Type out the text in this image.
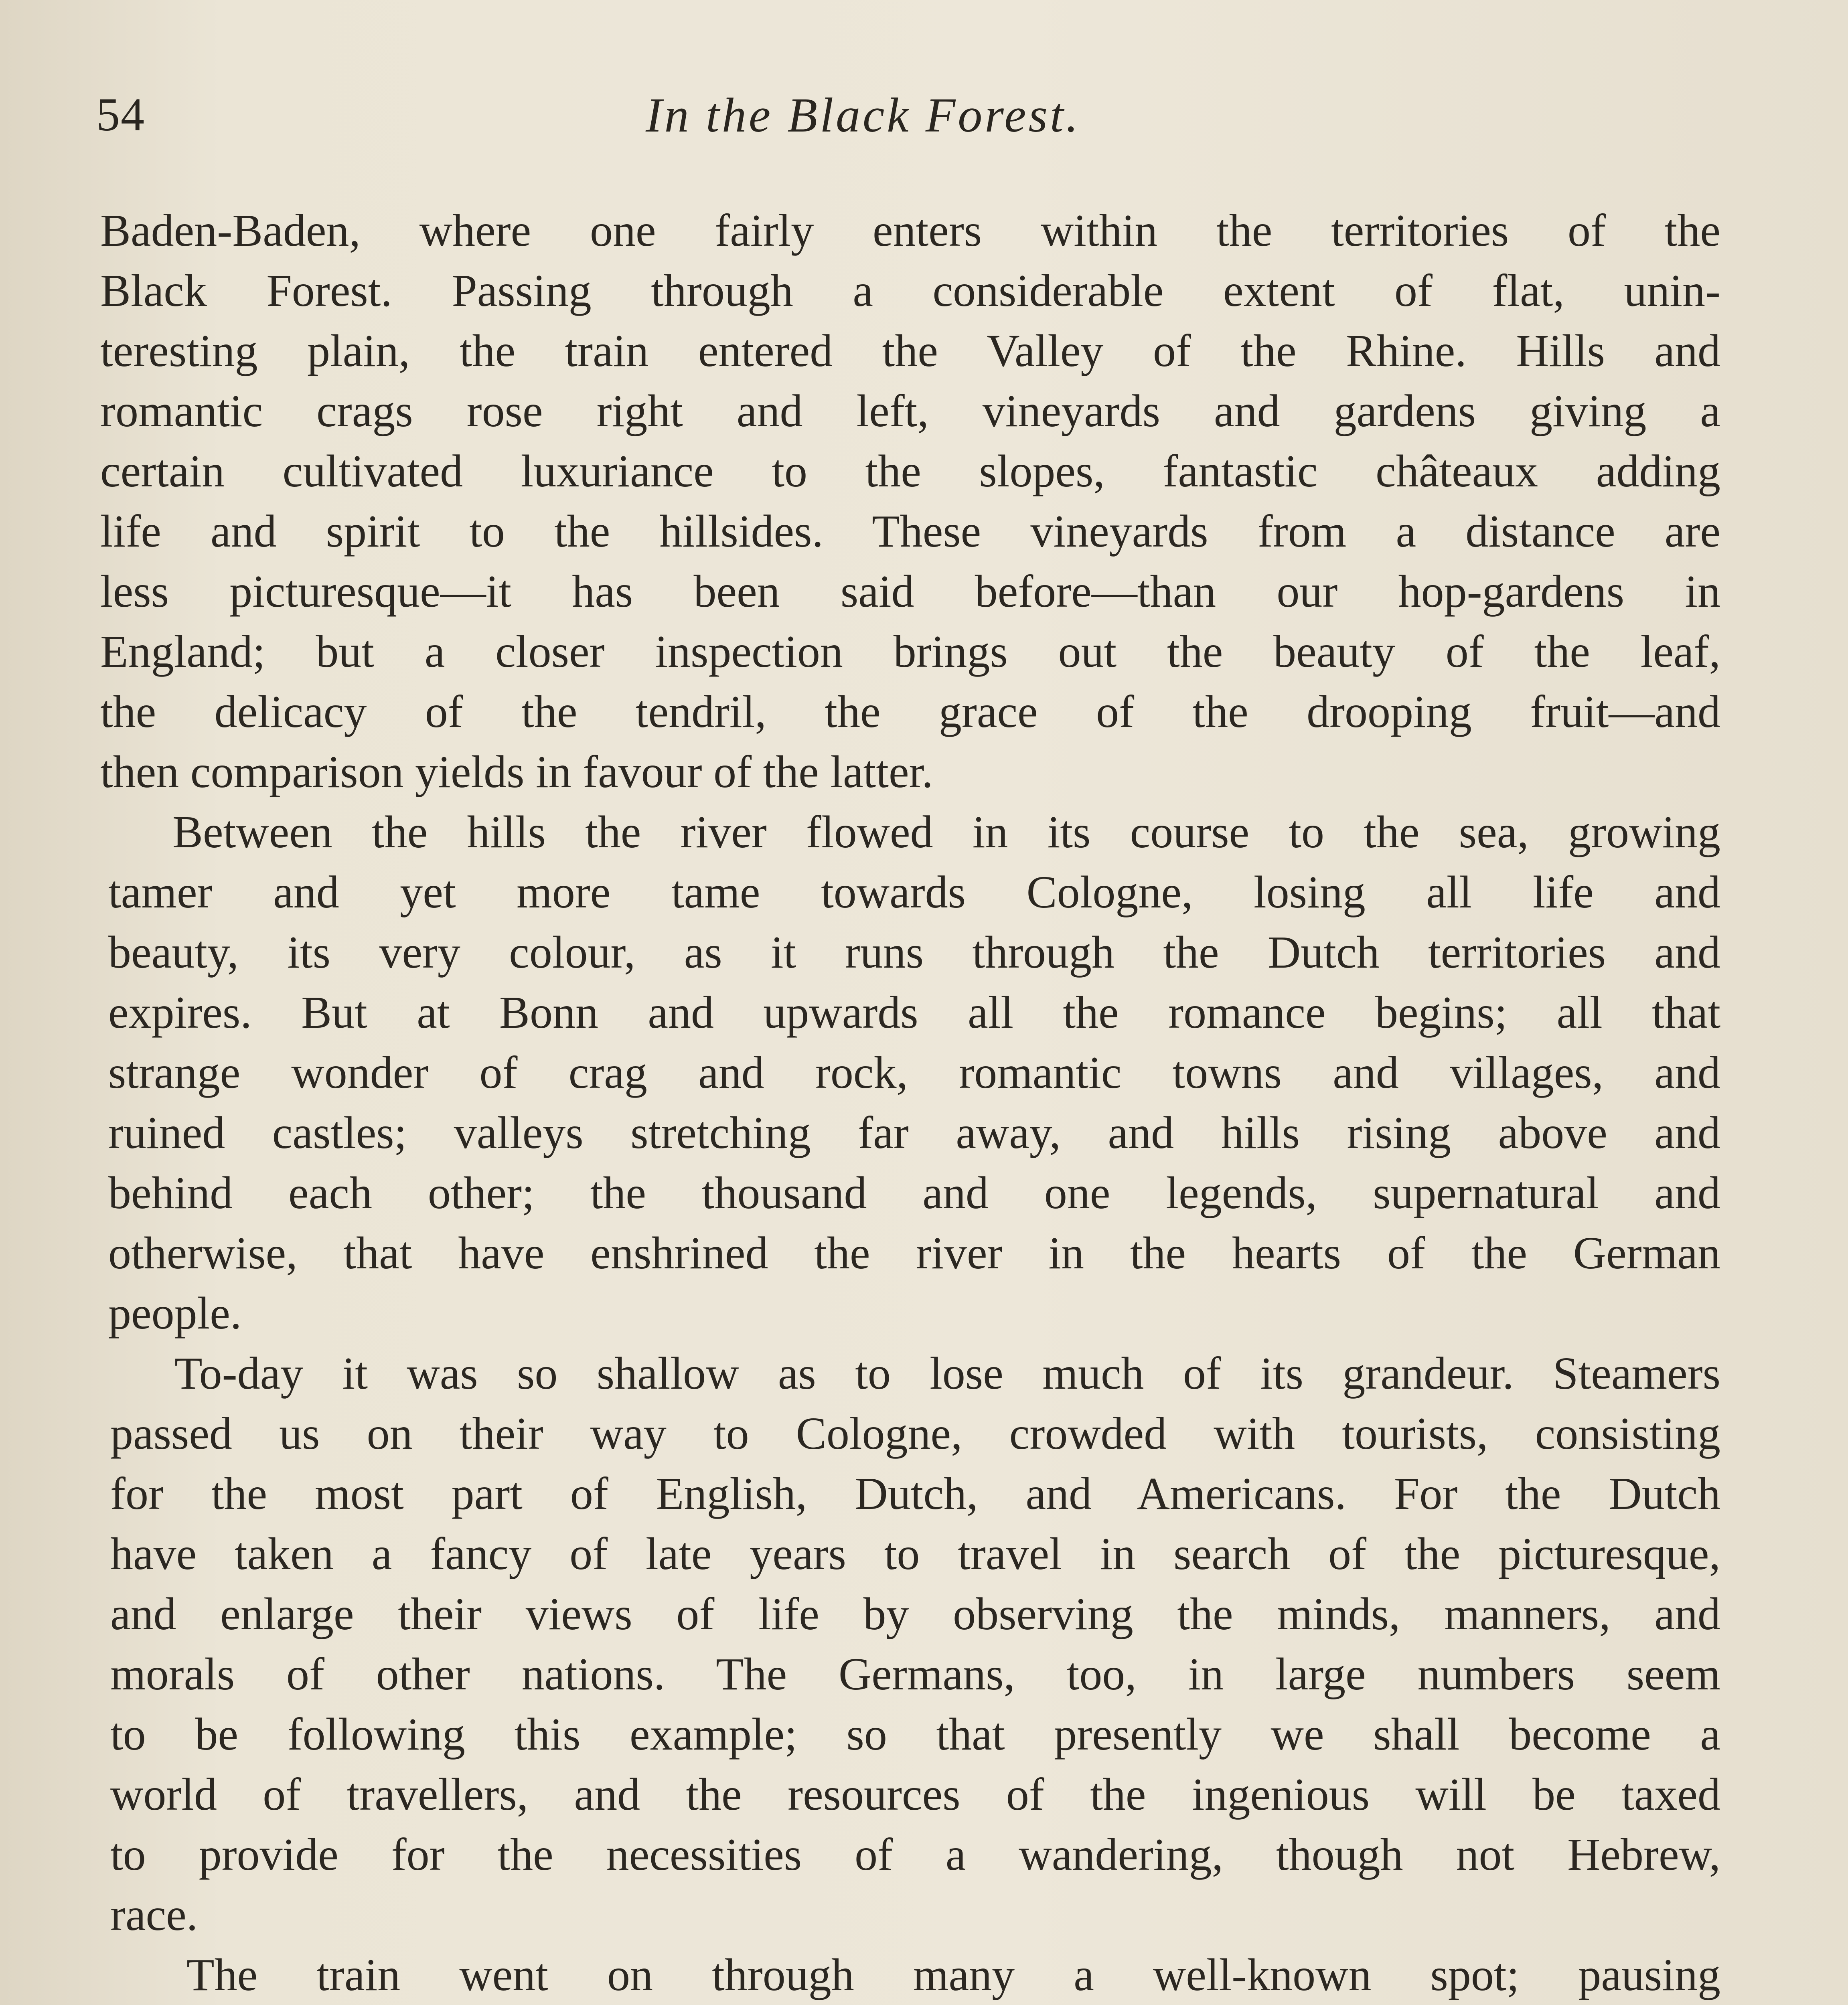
54	In the Black Forest.
Baden-Baden, where one fairly enters within the territories of the
Black Forest. Passing through a considerable extent of flat, unin-
teresting plain, the train entered the Valley of the Rhine. Hills and
romantic crags rose right and left, vineyards and gardens giving a
certain cultivated luxuriance to the slopes, fantastic châteaux adding
life and spirit to the hillsides. These vineyards from a distance are
less picturesque—it has been said before—than our hop-gardens in
England; but a closer inspection brings out the beauty of the leaf,
the delicacy of the tendril, the grace of the drooping fruit—and
then comparison yields in favour of the latter.
Between the hills the river flowed in its course to the sea, growing
tamer and yet more tame towards Cologne, losing all life and
beauty, its very colour, as it runs through the Dutch territories and
expires. But at Bonn and upwards all the romance begins; all that
strange wonder of crag and rock, romantic towns and villages, and
ruined castles; valleys stretching far away, and hills rising above and
behind each other; the thousand and one legends, supernatural and
otherwise, that have enshrined the river in the hearts of the German
people.
To-day it was so shallow as to lose much of its grandeur. Steamers
passed us on their way to Cologne, crowded with tourists, consisting
for the most part of English, Dutch, and Americans. For the Dutch
have taken a fancy of late years to travel in search of the picturesque,
and enlarge their views of life by observing the minds, manners, and
morals of other nations. The Germans, too, in large numbers seem
to be following this example; so that presently we shall become a
world of travellers, and the resources of the ingenious will be taxed
to provide for the necessities of a wandering, though not Hebrew,
race.
The train went on through many a well-known spot; pausing
